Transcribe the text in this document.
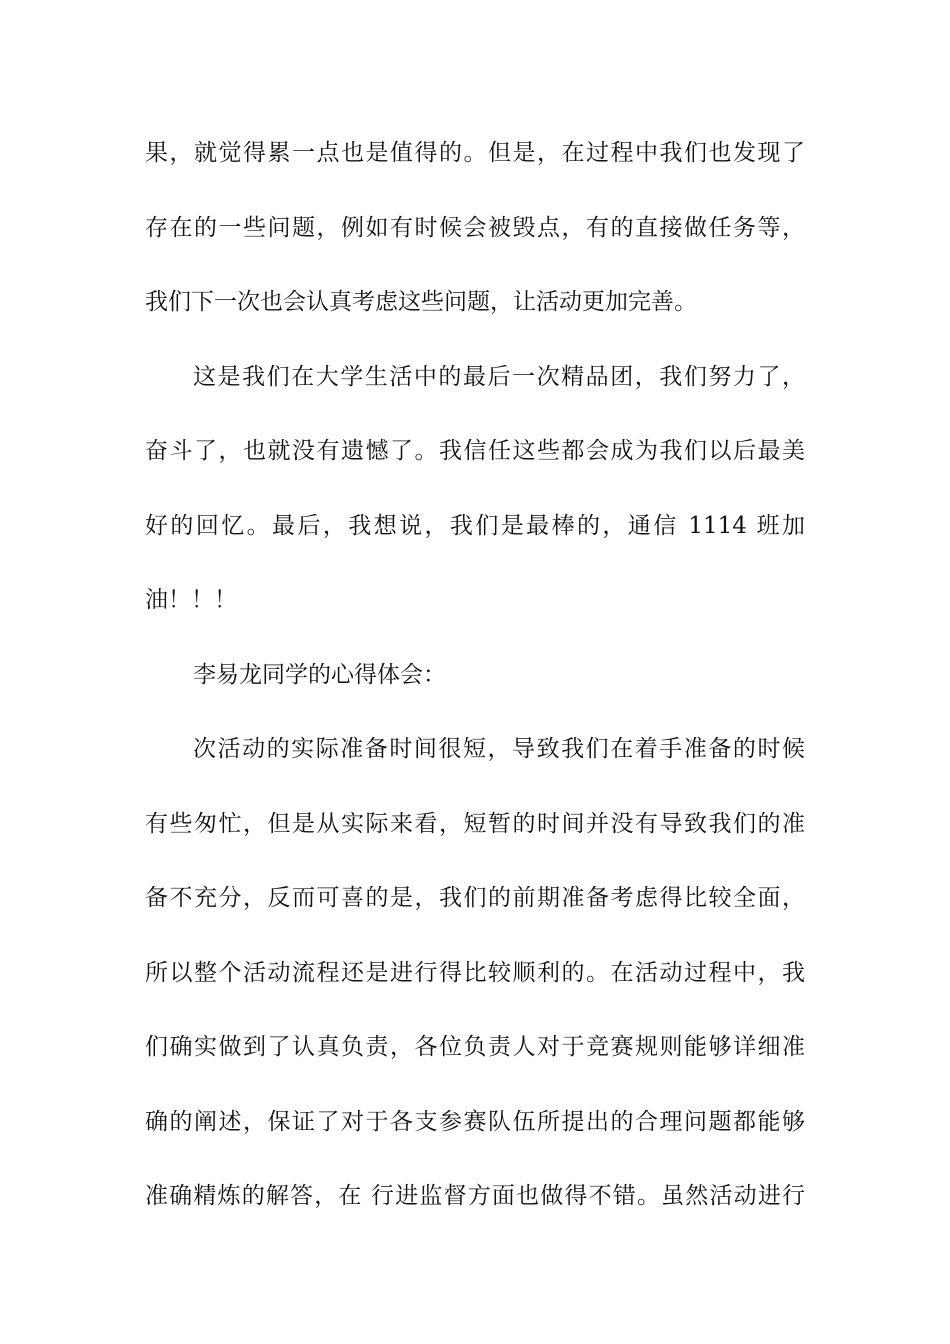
果，就觉得累一点也是值得的。但是，在过程中我们也发现了
存在的一些问题，例如有时候会被毁点，有的直接做任务等，
我们下一次也会认真考虑这些问题，让活动更加完善。
这是我们在大学生活中的最后一次精品团，我们努力了，
奋斗了，也就没有遗憾了。我信任这些都会成为我们以后最美
好的回忆。最后，我想说，我们是最棒的，通信 1114 班加
油！！！
李易龙同学的心得体会：
次活动的实际准备时间很短，导致我们在着手准备的时候
有些匆忙，但是从实际来看，短暂的时间并没有导致我们的准
备不充分，反而可喜的是，我们的前期准备考虑得比较全面，
所以整个活动流程还是进行得比较顺利的。在活动过程中，我
们确实做到了认真负责，各位负责人对于竞赛规则能够详细准
确的阐述，保证了对于各支参赛队伍所提出的合理问题都能够
准确精炼的解答，在 行进监督方面也做得不错。虽然活动进行
